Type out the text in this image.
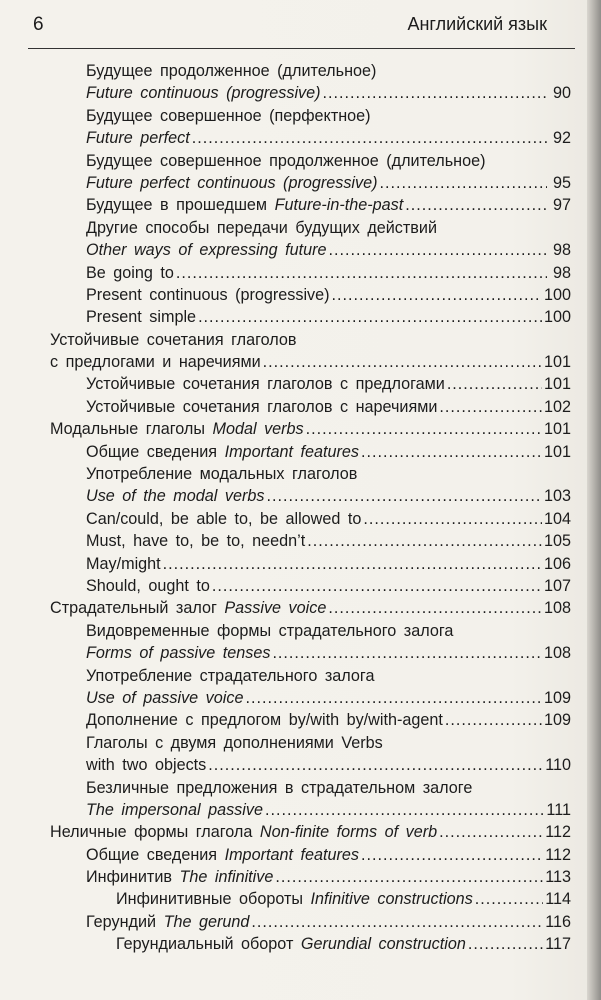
6	Английский язык
Будущее продолженное (длительное)
Future continuous (progressive) .....	90
Будущее совершенное (перфектное)
Future perfect .....	92
Будущее совершенное продолженное (длительное)
Future perfect continuous (progressive) .....	95
Будущее в прошедшем Future-in-the-past .....	97
Другие способы передачи будущих действий
Other ways of expressing future .....	98
Be going to .....	98
Present continuous (progressive) .....	100
Present simple .....	100
Устойчивые сочетания глаголов
с предлогами и наречиями .....	101
Устойчивые сочетания глаголов с предлогами .....	101
Устойчивые сочетания глаголов с наречиями .....	102
Модальные глаголы Modal verbs .....	101
Общие сведения Important features .....	101
Употребление модальных глаголов
Use of the modal verbs .....	103
Can/could, be able to, be allowed to .....	104
Must, have to, be to, needn’t .....	105
May/might .....	106
Should, ought to .....	107
Страдательный залог Passive voice .....	108
Видовременные формы страдательного залога
Forms of passive tenses .....	108
Употребление страдательного залога
Use of passive voice .....	109
Дополнение с предлогом by/with by/with-agent .....	109
Глаголы с двумя дополнениями Verbs
with two objects .....	110
Безличные предложения в страдательном залоге
The impersonal passive .....	111
Неличные формы глагола Non-finite forms of verb .....	112
Общие сведения Important features .....	112
Инфинитив The infinitive .....	113
Инфинитивные обороты Infinitive constructions .....	114
Герундий The gerund .....	116
Герундиальный оборот Gerundial construction .....	117
